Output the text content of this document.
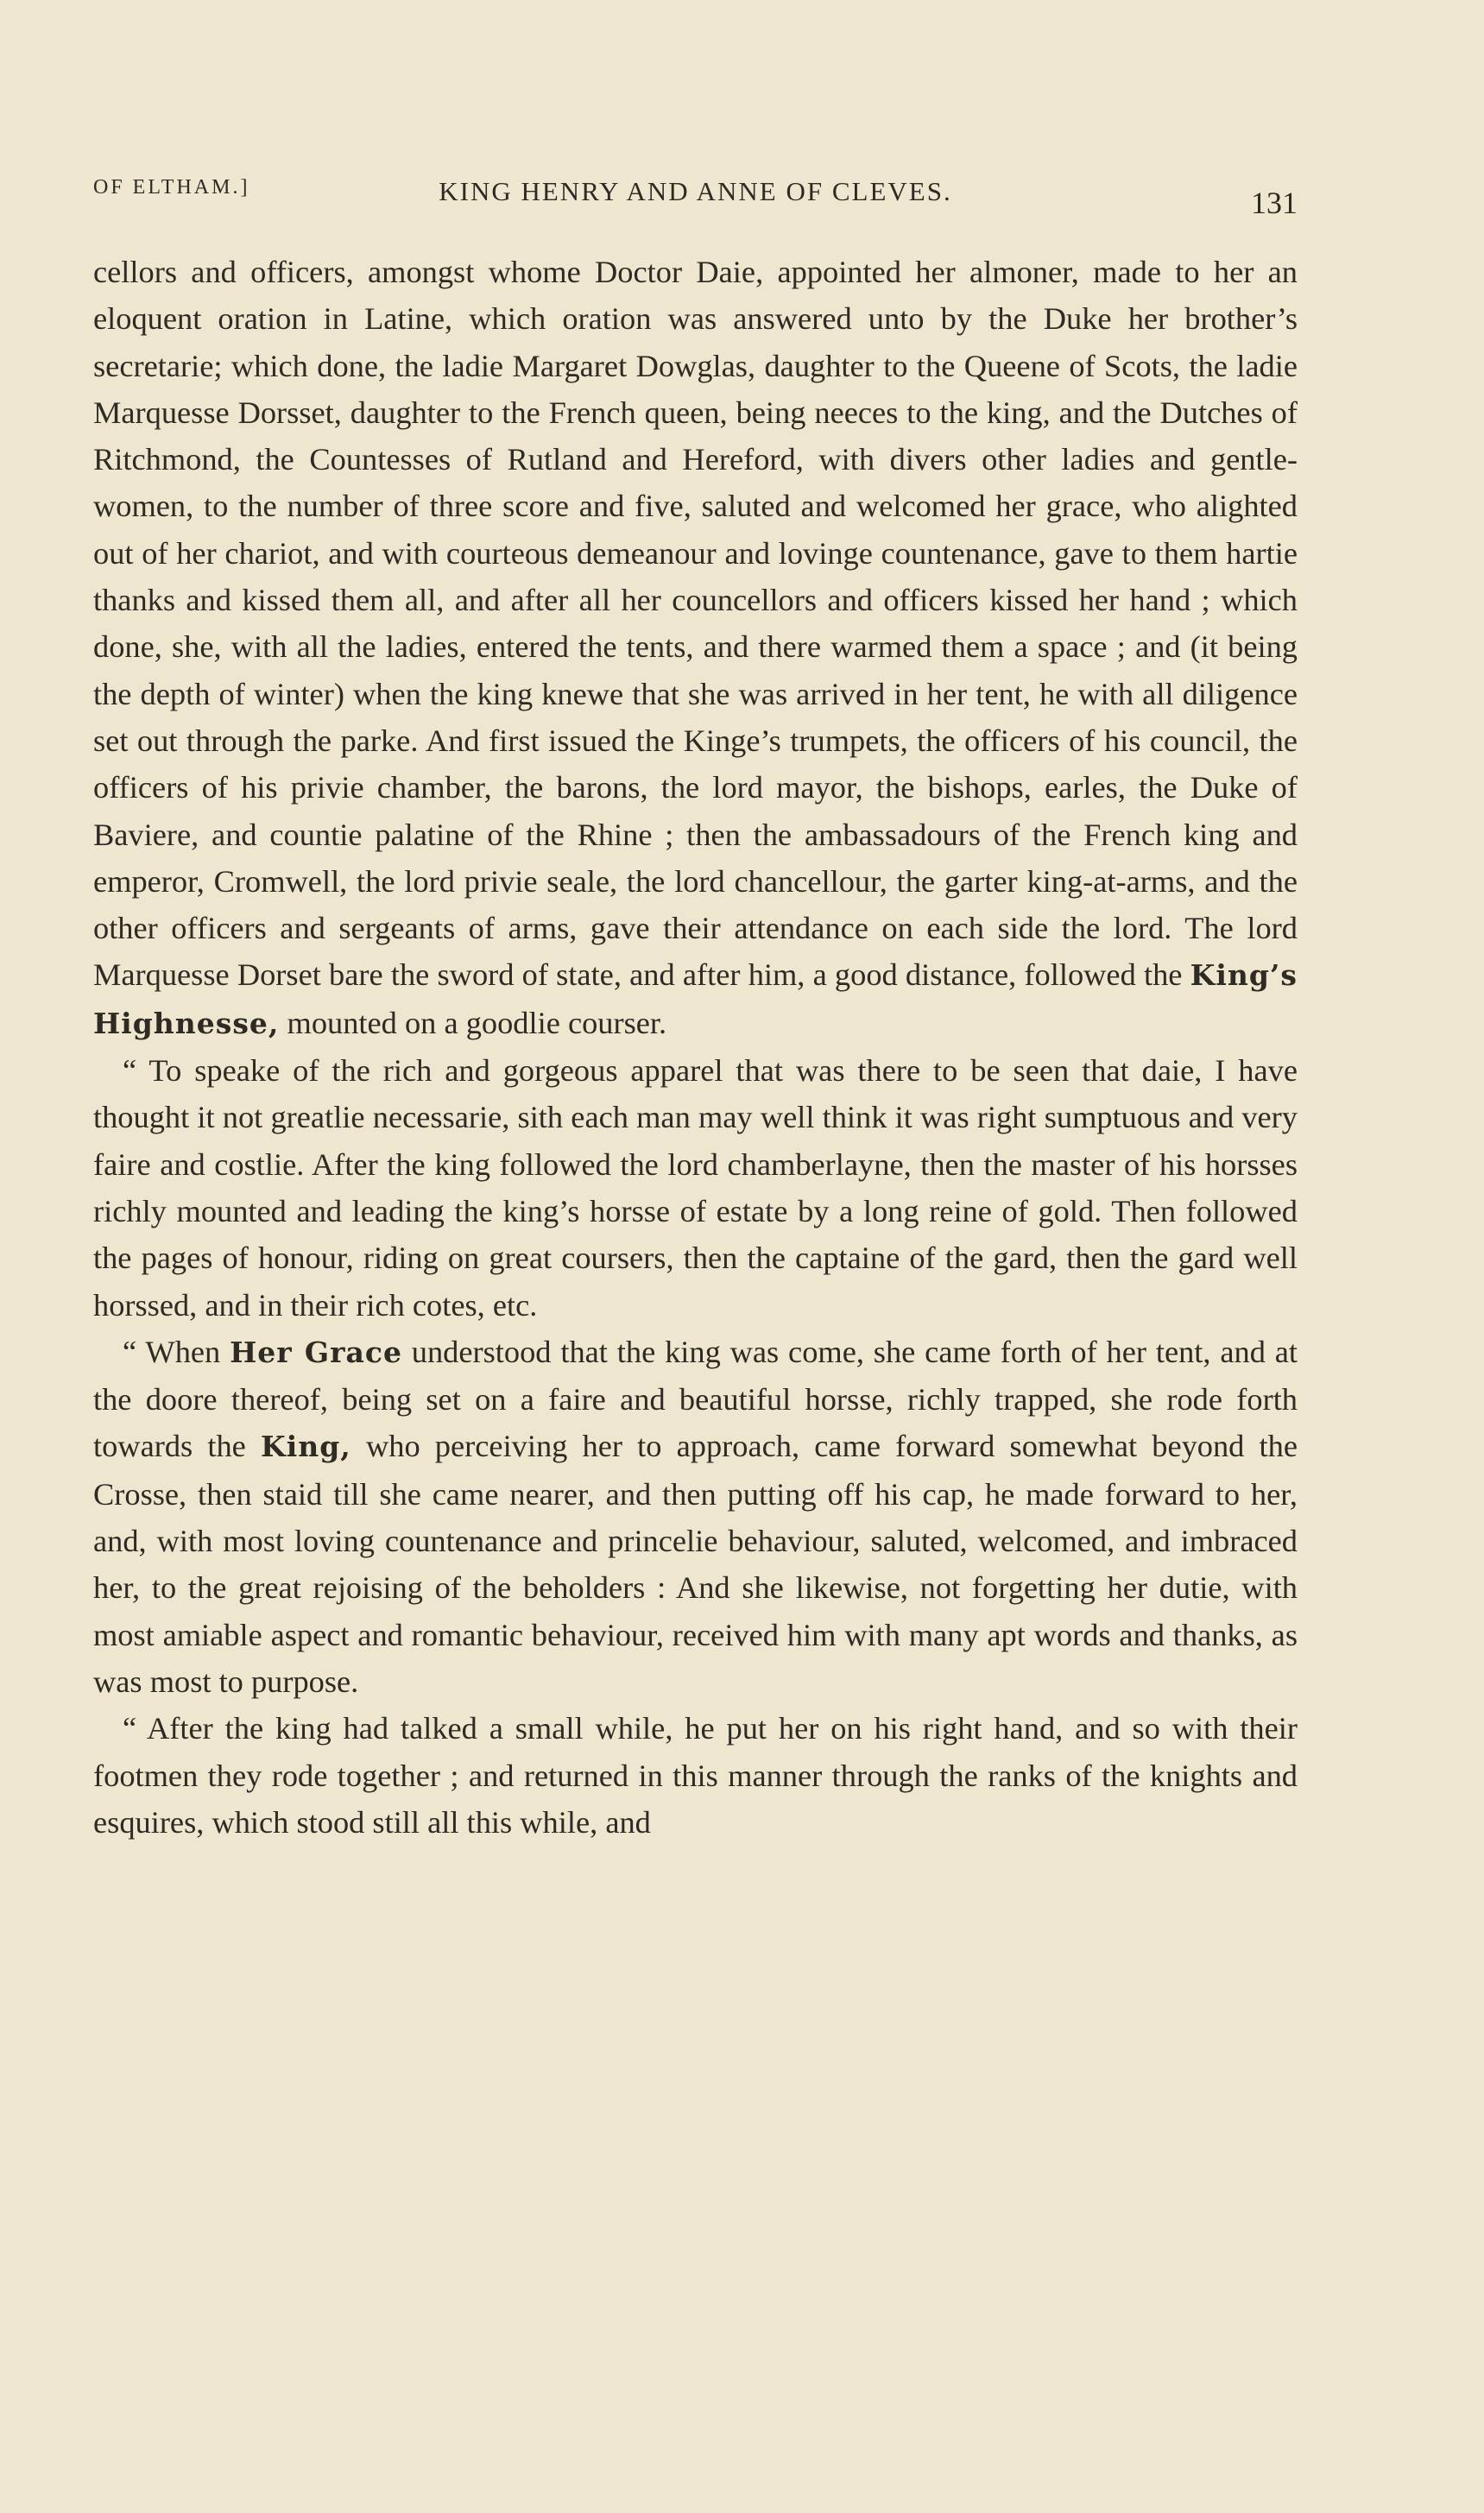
OF ELTHAM.]	KING HENRY AND ANNE OF CLEVES.	131

cellors and officers, amongst whome Doctor Daie, appointed her almoner, made to her an eloquent oration in Latine, which oration was answered unto by the Duke her brother’s secretarie; which done, the ladie Margaret Dowglas, daughter to the Queene of Scots, the ladie Marquesse Dorsset, daughter to the French queen, being neeces to the king, and the Dutches of Ritchmond, the Countesses of Rutland and Hereford, with divers other ladies and gentlewomen, to the number of three score and five, saluted and welcomed her grace, who alighted out of her chariot, and with courteous demeanour and lovinge countenance, gave to them hartie thanks and kissed them all, and after all her councellors and officers kissed her hand ; which done, she, with all the ladies, entered the tents, and there warmed them a space ; and (it being the depth of winter) when the king knewe that she was arrived in her tent, he with all diligence set out through the parke. And first issued the Kinge’s trumpets, the officers of his council, the officers of his privie chamber, the barons, the lord mayor, the bishops, earles, the Duke of Baviere, and countie palatine of the Rhine ; then the ambassadours of the French king and emperor, Cromwell, the lord privie seale, the lord chancellour, the garter king-at-arms, and the other officers and sergeants of arms, gave their attendance on each side the lord. The lord Marquesse Dorset bare the sword of state, and after him, a good distance, followed the King’s Highnesse, mounted on a goodlie courser.

“ To speake of the rich and gorgeous apparel that was there to be seen that daie, I have thought it not greatlie necessarie, sith each man may well think it was right sumptuous and very faire and costlie. After the king followed the lord chamberlayne, then the master of his horsses richly mounted and leading the king’s horsse of estate by a long reine of gold. Then followed the pages of honour, riding on great coursers, then the captaine of the gard, then the gard well horssed, and in their rich cotes, etc.

“ When Her Grace understood that the king was come, she came forth of her tent, and at the doore thereof, being set on a faire and beautiful horsse, richly trapped, she rode forth towards the King, who perceiving her to approach, came forward somewhat beyond the Crosse, then staid till she came nearer, and then putting off his cap, he made forward to her, and, with most loving countenance and princelie behaviour, saluted, welcomed, and imbraced her, to the great rejoising of the beholders : And she likewise, not forgetting her dutie, with most amiable aspect and romantic behaviour, received him with many apt words and thanks, as was most to purpose.

“ After the king had talked a small while, he put her on his right hand, and so with their footmen they rode together ; and returned in this manner through the ranks of the knights and esquires, which stood still all this while, and
